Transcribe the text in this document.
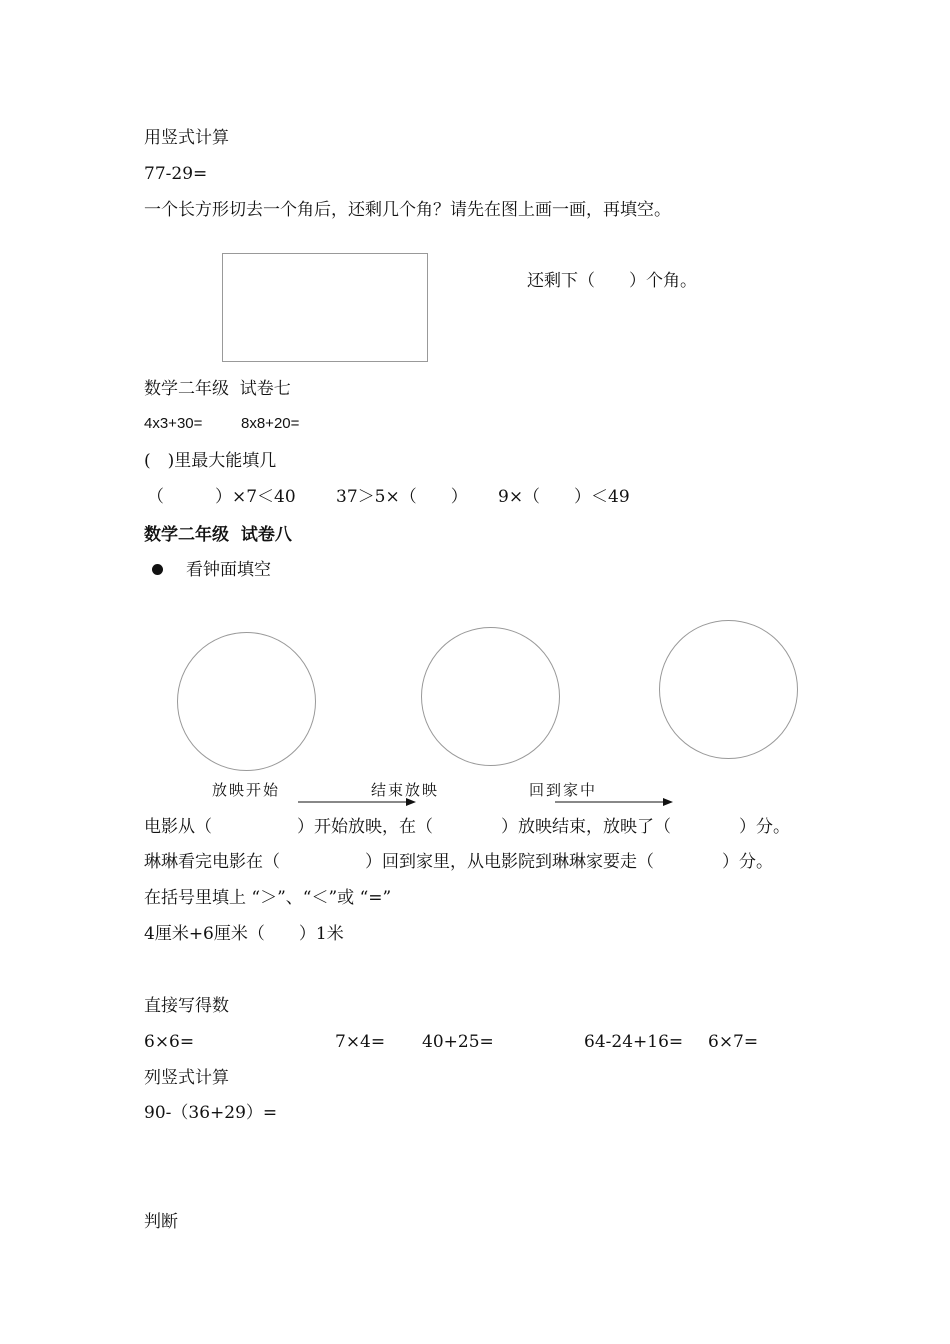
用竖式计算
77-29=
一个长方形切去一个角后，还剩几个角？请先在图上画一画，再填空。
还剩下（　　）个角。
数学二年级  试卷七
4x3+30=	8x8+20=
(　)里最大能填几
（　　　）×7＜40 37＞5×（　　） 9×（　　）＜49
数学二年级  试卷八
看钟面填空
放映开始	结束放映	回到家中
电影从（　　　　　）开始放映，在（　　　　）放映结束，放映了（　　　　）分。
琳琳看完电影在（　　　　　）回到家里，从电影院到琳琳家要走（　　　　）分。
在括号里填上 “＞”、“＜”或 “=”
4厘米+6厘米（　　）1米
直接写得数
6×6=	7×4= 40+25=	64-24+16= 6×7=
列竖式计算
90-（36+29）=
判断
